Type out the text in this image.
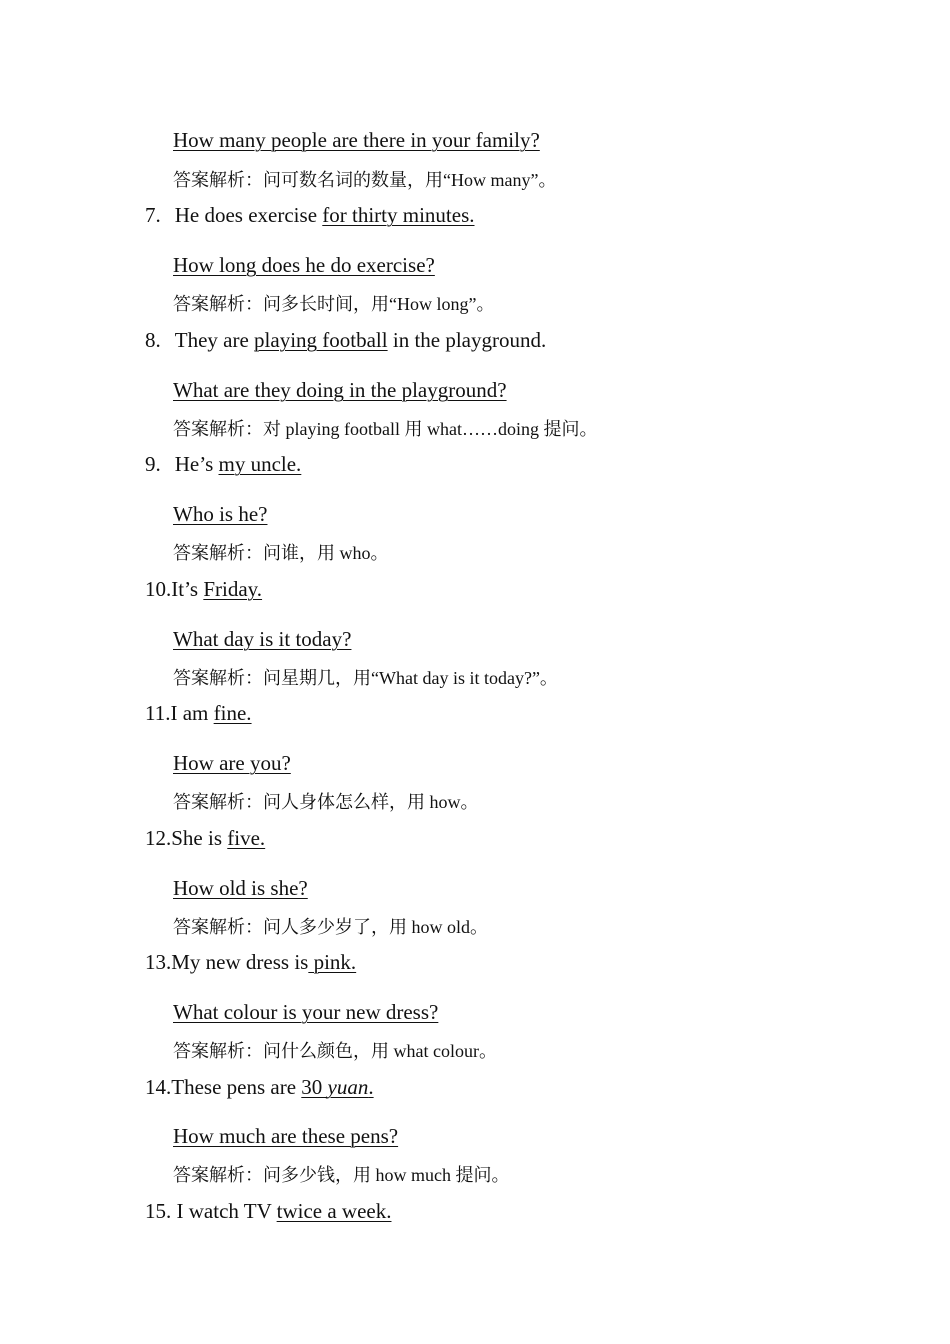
How many people are there in your family?
答案解析：问可数名词的数量，用“How many”。
7. He does exercise for thirty minutes.
How long does he do exercise?
答案解析：问多长时间，用“How long”。
8. They are playing football in the playground.
What are they doing in the playground?
答案解析：对 playing football 用 what……doing 提问。
9. He’s my uncle.
Who is he?
答案解析：问谁，用 who。
10.It’s Friday.
What day is it today?
答案解析：问星期几，用“What day is it today?”。
11.I am fine.
How are you?
答案解析：问人身体怎么样，用 how。
12.She is five.
How old is she?
答案解析：问人多少岁了，用 how old。
13.My new dress is pink.
What colour is your new dress?
答案解析：问什么颜色，用 what colour。
14.These pens are 30 yuan.
How much are these pens?
答案解析：问多少钱，用 how much 提问。
15. I watch TV twice a week.
